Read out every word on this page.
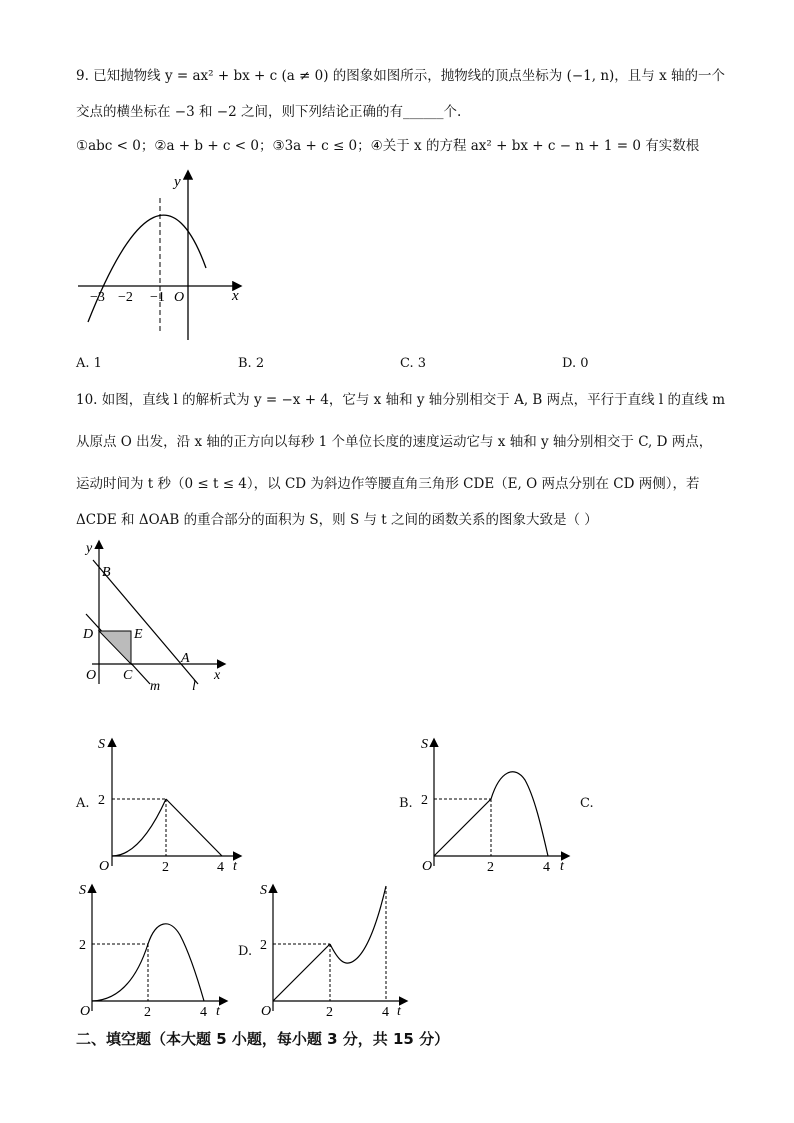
9. 已知抛物线 y = ax² + bx + c (a ≠ 0) 的图象如图所示，抛物线的顶点坐标为 (−1, n)，且与 x 轴的一个
交点的横坐标在 −3 和 −2 之间，则下列结论正确的有______个.
①abc < 0；②a + b + c < 0；③3a + c ≤ 0；④关于 x 的方程 ax² + bx + c − n + 1 = 0 有实数根
y
x
O
−3 −2 −1
A. 1	B. 2	C. 3	D. 0
10. 如图，直线 l 的解析式为 y = −x + 4，它与 x 轴和 y 轴分别相交于 A, B 两点，平行于直线 l 的直线 m
从原点 O 出发，沿 x 轴的正方向以每秒 1 个单位长度的速度运动它与 x 轴和 y 轴分别相交于 C, D 两点，
运动时间为 t 秒（0 ≤ t ≤ 4），以 CD 为斜边作等腰直角三角形 CDE（E, O 两点分别在 CD 两侧），若
ΔCDE 和 ΔOAB 的重合部分的面积为 S，则 S 与 t 之间的函数关系的图象大致是（ ）
y
B
D	E
A
O C	x
m l
A.	B.	C.
D.
S
2
O	2	4 t
S
2
O	2	4 t
S
2
O	2	4 t
S
2
O	2	4 t
二、填空题（本大题 5 小题，每小题 3 分，共 15 分）
